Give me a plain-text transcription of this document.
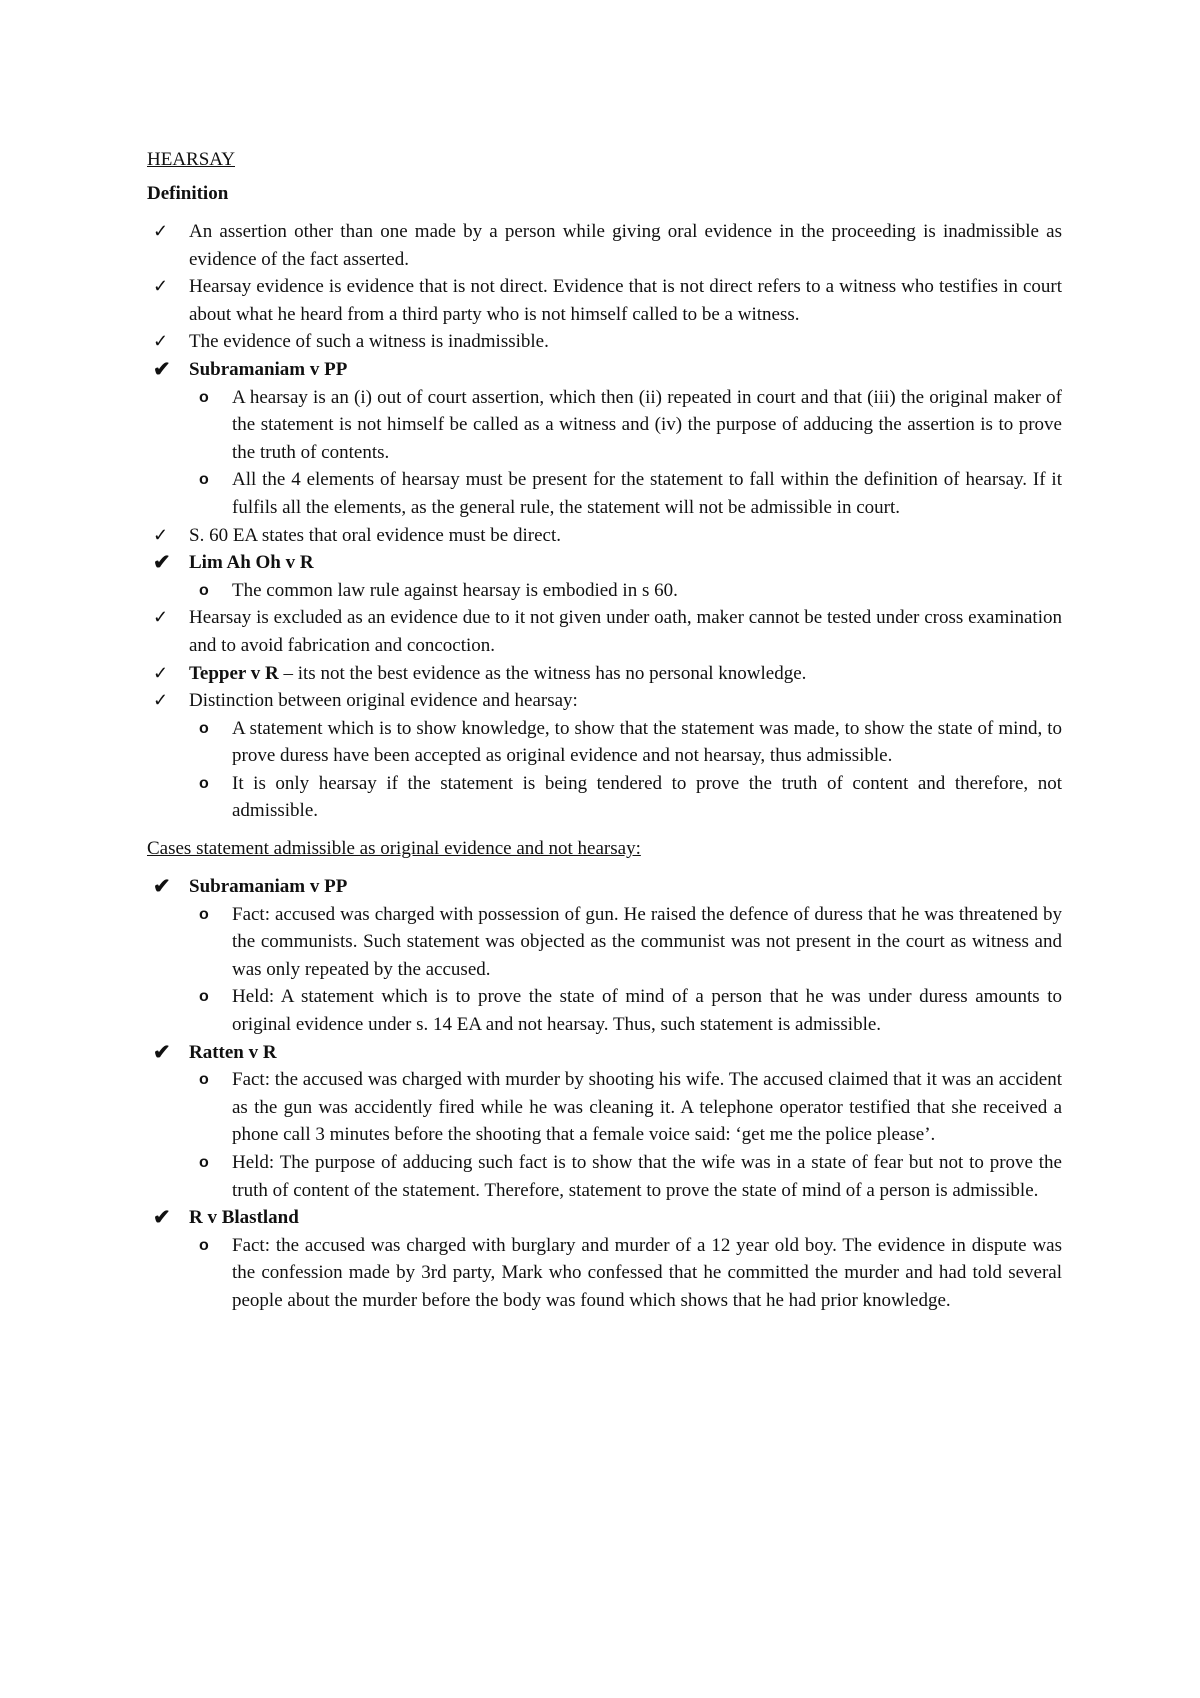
HEARSAY
Definition
✓ An assertion other than one made by a person while giving oral evidence in the proceeding is inadmissible as evidence of the fact asserted.
✓ Hearsay evidence is evidence that is not direct. Evidence that is not direct refers to a witness who testifies in court about what he heard from a third party who is not himself called to be a witness.
✓ The evidence of such a witness is inadmissible.
✔ Subramaniam v PP
o A hearsay is an (i) out of court assertion, which then (ii) repeated in court and that (iii) the original maker of the statement is not himself be called as a witness and (iv) the purpose of adducing the assertion is to prove the truth of contents.
o All the 4 elements of hearsay must be present for the statement to fall within the definition of hearsay. If it fulfils all the elements, as the general rule, the statement will not be admissible in court.
✓ S. 60 EA states that oral evidence must be direct.
✔ Lim Ah Oh v R
o The common law rule against hearsay is embodied in s 60.
✓ Hearsay is excluded as an evidence due to it not given under oath, maker cannot be tested under cross examination and to avoid fabrication and concoction.
✓ Tepper v R – its not the best evidence as the witness has no personal knowledge.
✓ Distinction between original evidence and hearsay:
o A statement which is to show knowledge, to show that the statement was made, to show the state of mind, to prove duress have been accepted as original evidence and not hearsay, thus admissible.
o It is only hearsay if the statement is being tendered to prove the truth of content and therefore, not admissible.
Cases statement admissible as original evidence and not hearsay:
✔ Subramaniam v PP
o Fact: accused was charged with possession of gun. He raised the defence of duress that he was threatened by the communists. Such statement was objected as the communist was not present in the court as witness and was only repeated by the accused.
o Held: A statement which is to prove the state of mind of a person that he was under duress amounts to original evidence under s. 14 EA and not hearsay. Thus, such statement is admissible.
✔ Ratten v R
o Fact: the accused was charged with murder by shooting his wife. The accused claimed that it was an accident as the gun was accidently fired while he was cleaning it. A telephone operator testified that she received a phone call 3 minutes before the shooting that a female voice said: ‘get me the police please’.
o Held: The purpose of adducing such fact is to show that the wife was in a state of fear but not to prove the truth of content of the statement. Therefore, statement to prove the state of mind of a person is admissible.
✔ R v Blastland
o Fact: the accused was charged with burglary and murder of a 12 year old boy. The evidence in dispute was the confession made by 3rd party, Mark who confessed that he committed the murder and had told several people about the murder before the body was found which shows that he had prior knowledge.
